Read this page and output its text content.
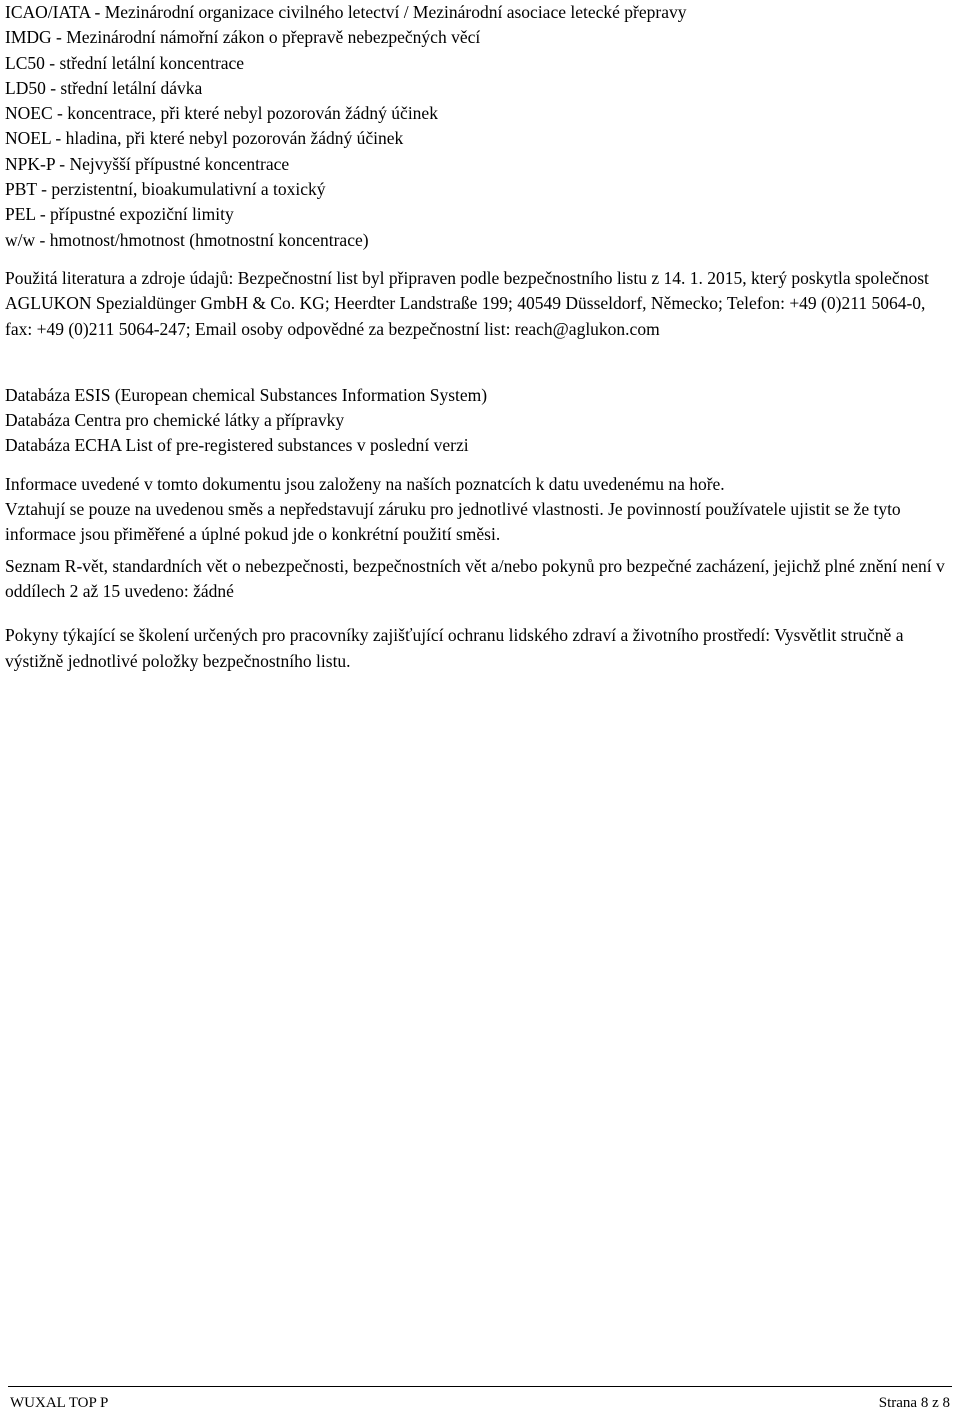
ICAO/IATA - Mezinárodní organizace civilného letectví / Mezinárodní asociace letecké přepravy
IMDG - Mezinárodní námořní zákon o přepravě nebezpečných věcí
LC50 - střední letální koncentrace
LD50 - střední letální dávka
NOEC - koncentrace, při které nebyl pozorován žádný účinek
NOEL - hladina, při které nebyl pozorován žádný účinek
NPK-P - Nejvyšší přípustné koncentrace
PBT - perzistentní, bioakumulativní a toxický
PEL - přípustné expoziční limity
w/w - hmotnost/hmotnost (hmotnostní koncentrace)

Použitá literatura a zdroje údajů: Bezpečnostní list byl připraven podle bezpečnostního listu z 14. 1. 2015, který poskytla společnost AGLUKON Spezialdünger GmbH & Co. KG; Heerdter Landstraße 199; 40549 Düsseldorf, Německo; Telefon: +49 (0)211 5064-0, fax: +49 (0)211 5064-247; Email osoby odpovědné za bezpečnostní list: reach@aglukon.com

Databáza ESIS (European chemical Substances Information System)
Databáza Centra pro chemické látky a přípravky
Databáza ECHA List of pre-registered substances v poslední verzi

Informace uvedené v tomto dokumentu jsou založeny na naších poznatcích k datu uvedenému na hoře.

Vztahují se pouze na uvedenou směs a nepředstavují záruku pro jednotlivé vlastnosti. Je povinností používatele ujistit se že tyto informace jsou přiměřené a úplné pokud jde o konkrétní použití směsi.

Seznam R-vět, standardních vět o nebezpečnosti, bezpečnostních vět a/nebo pokynů pro bezpečné zacházení, jejichž plné znění není v oddílech 2 až 15 uvedeno: žádné

Pokyny týkající se školení určených pro pracovníky zajišťující ochranu lidského zdraví a životního prostředí: Vysvětlit stručně a výstižně jednotlivé položky bezpečnostního listu.

WUXAL TOP P	Strana 8 z 8
